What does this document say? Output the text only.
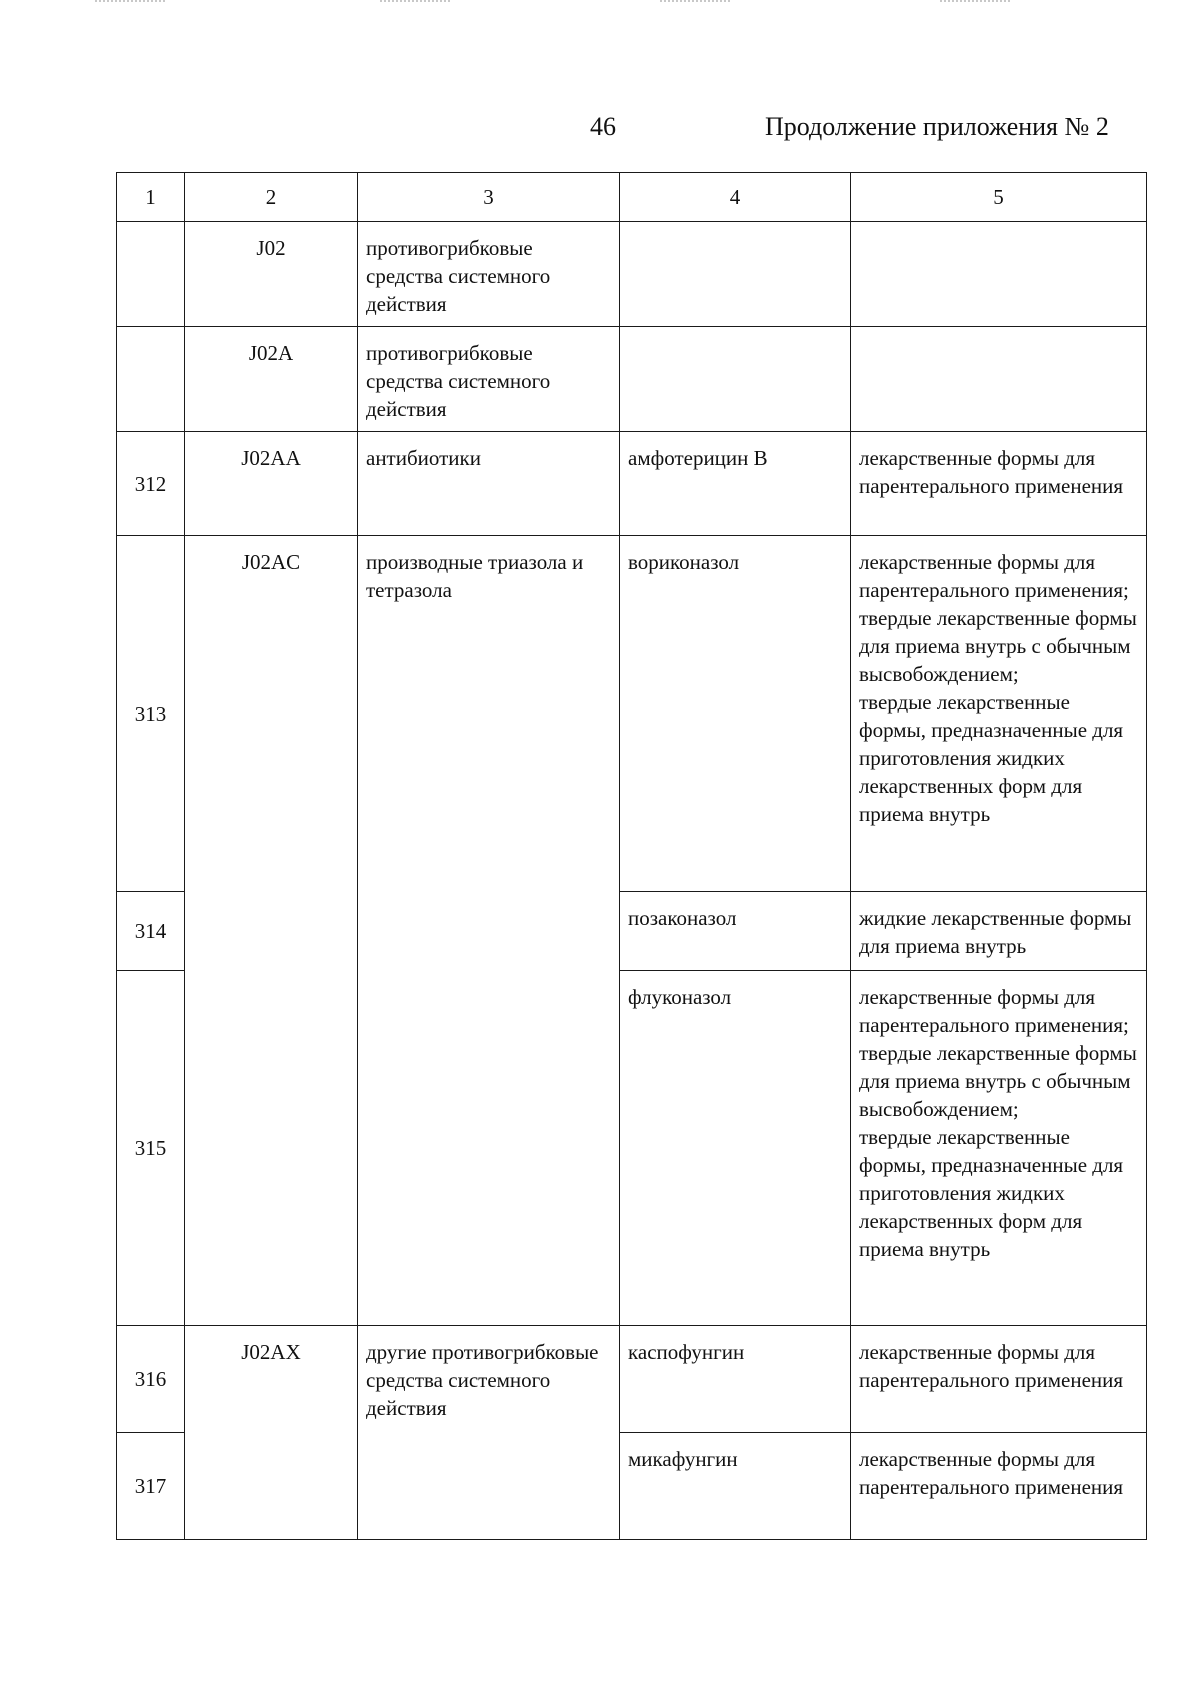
46	Продолжение приложения № 2
1	2	3	4	5
	J02	противогрибковые средства системного действия		
	J02A	противогрибковые средства системного действия		
312	J02AA	антибиотики	амфотерицин B	лекарственные формы для парентерального применения
313	J02AC	производные триазола и тетразола	вориконазол	лекарственные формы для парентерального применения;
твердые лекарственные формы для приема внутрь с обычным высвобождением;
твердые лекарственные формы, предназначенные для приготовления жидких лекарственных форм для приема внутрь
314			позаконазол	жидкие лекарственные формы для приема внутрь
315			флуконазол	лекарственные формы для парентерального применения;
твердые лекарственные формы для приема внутрь с обычным высвобождением;
твердые лекарственные формы, предназначенные для приготовления жидких лекарственных форм для приема внутрь
316	J02AX	другие противогрибковые средства системного действия	каспофунгин	лекарственные формы для парентерального применения
317			микафунгин	лекарственные формы для парентерального применения
